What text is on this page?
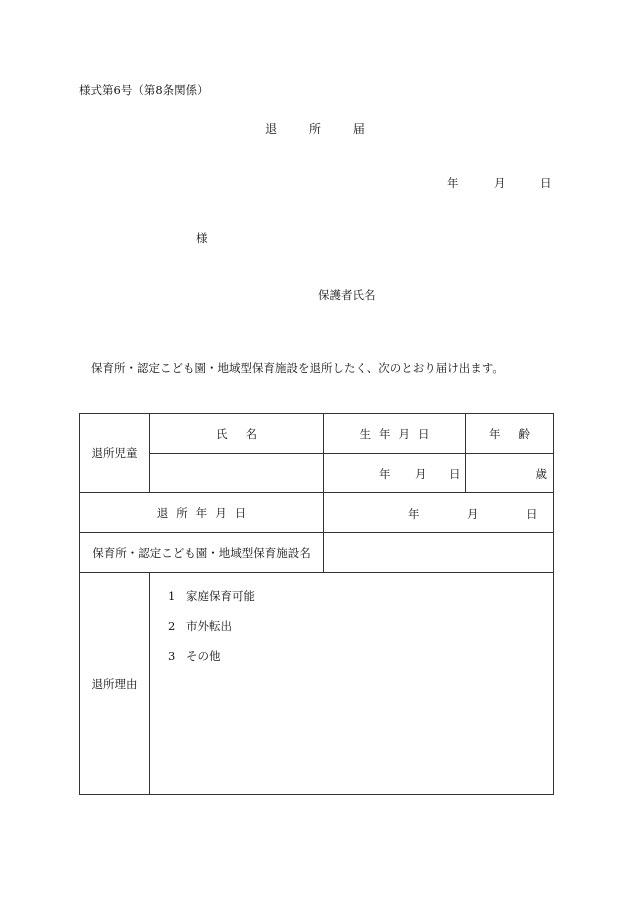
様式第6号（第8条関係）
退	所	届
年	月	日
様
保護者氏名
保育所・認定こども園・地域型保育施設を退所したく、次のとおり届け出ます。
退所児童	氏 名	生 年 月 日	年 齢

		年 月 日	歳

退 所 年 月 日		年 月 日	

保育所・認定こども園・地域型保育施設名			
退所理由	1 家庭保育可能
2 市外転出
3 その他		
